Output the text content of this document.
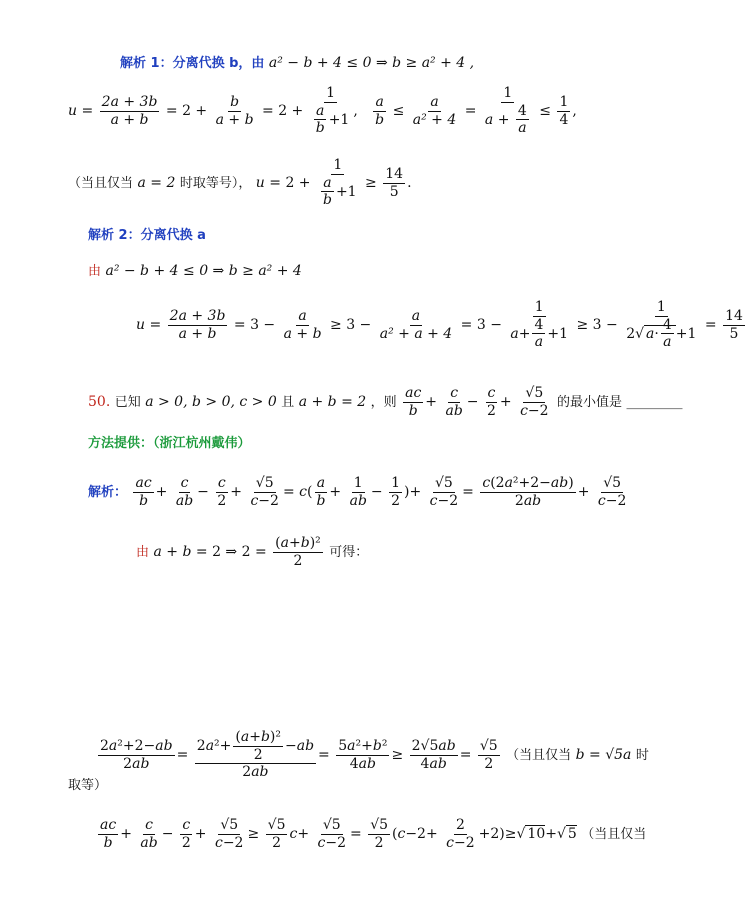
解析 1：分离代换 b，由 a² − b + 4 ≤ 0 ⇒ b ≥ a² + 4 ,
$u = \frac{2a + 3b}{a + b} = 2 + \frac{b}{a + b} = 2 + \frac{1}{\frac{a}{b} +1}$ , $\frac{a}{b} \le \frac{a}{\text{a² + 4}} = \frac{1}{a + \frac{4}{a}} \le \frac{1}{4}$ ,
（当且仅当 a = 2 时取等号）， $u = 2 + \frac{1}{\frac{a}{b} +1} \ge \frac{14}{5}$ .
解析 2：分离代换 a
由 a² − b + 4 ≤ 0 ⇒ b ≥ a² + 4
$u = \frac{2a + 3b}{a + b} = 3 - \frac{a}{a + b} \ge 3 - \frac{a}{\text{a² + a + 4}} = 3 - \frac{1}{a+ \frac{4}{a} +1} \ge 3 - \frac{1}{2√ a\cdot \frac{4}{a} +1} = \frac{14}{5}$
50. 已知 a > 0, b > 0, c > 0 且 a + b = 2 ，则 $\frac{ac}{b} + \frac{c}{ab} - \frac{c}{2} + \frac{√5}{c-2}$ 的最小值是 ________
方法提供：（浙江杭州戴伟）
解析： $\frac{ac}{b} + \frac{c}{ab} - \frac{c}{2} + \frac{√5}{c-2} = c( \frac{a}{b} + \frac{1}{ab} - \frac{1}{2}$ )+ $\frac{√5}{c-2} = \frac{\text{c(2a²+2−ab)}}{2ab} + \frac{√5}{c-2}$
由 a + b = 2 ⇒ $2 = \frac{\text{(a+b)²}}{2}$ 可得：
$\frac{\text{2a²+2−ab}}{2ab} = \frac{2a^2+ \frac{\text{(a+b)²}}{2} -ab}{2ab} = \frac{\text{5a²+b²}}{4ab} \ge \frac{2√5ab}{4ab} = \frac{√5}{2}$ （当且仅当 b = √5a 时
取等）
$\frac{ac}{b} + \frac{c}{ab} - \frac{c}{2} + \frac{√5}{c-2} \ge \frac{√5}{2} c+ \frac{√5}{c-2} = \frac{√5}{2} (c-2+ \frac{2}{c-2} +2)\ge√$ 10+√ 5 （当且仅当
